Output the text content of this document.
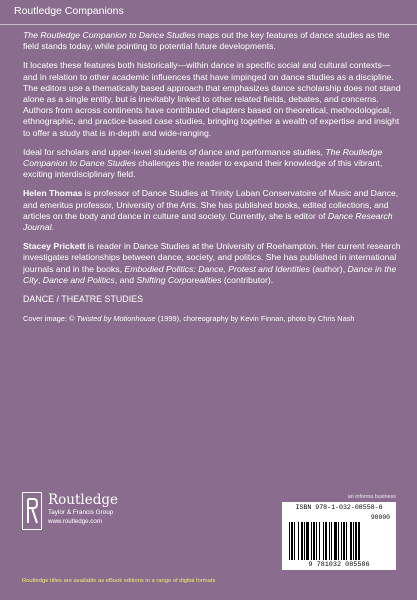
Routledge Companions

The Routledge Companion to Dance Studies maps out the key features of dance studies as the field stands today, while pointing to potential future developments.

It locates these features both historically—within dance in specific social and cultural contexts—and in relation to other academic influences that have impinged on dance studies as a discipline. The editors use a thematically based approach that emphasizes dance scholarship does not stand alone as a single entity, but is inevitably linked to other related fields, debates, and concerns. Authors from across continents have contributed chapters based on theoretical, methodological, ethnographic, and practice-based case studies, bringing together a wealth of expertise and insight to offer a study that is in-depth and wide-ranging.

Ideal for scholars and upper-level students of dance and performance studies, The Routledge Companion to Dance Studies challenges the reader to expand their knowledge of this vibrant, exciting interdisciplinary field.

Helen Thomas is professor of Dance Studies at Trinity Laban Conservatoire of Music and Dance, and emeritus professor, University of the Arts. She has published books, edited collections, and articles on the body and dance in culture and society. Currently, she is editor of Dance Research Journal.

Stacey Prickett is reader in Dance Studies at the University of Roehampton. Her current research investigates relationships between dance, society, and politics. She has published in international journals and in the books, Embodied Politics: Dance, Protest and Identities (author), Dance in the City, Dance and Politics, and Shifting Corporealities (contributor).

DANCE / THEATRE STUDIES

Cover image: © Twisted by Motionhouse (1999), choreography by Kevin Finnan, photo by Chris Nash

Routledge
Taylor & Francis Group
www.routledge.com
an informa business
ISBN 978-1-032-08558-6
90000
9 781032 085586
Routledge titles are available as eBook editions in a range of digital formats
